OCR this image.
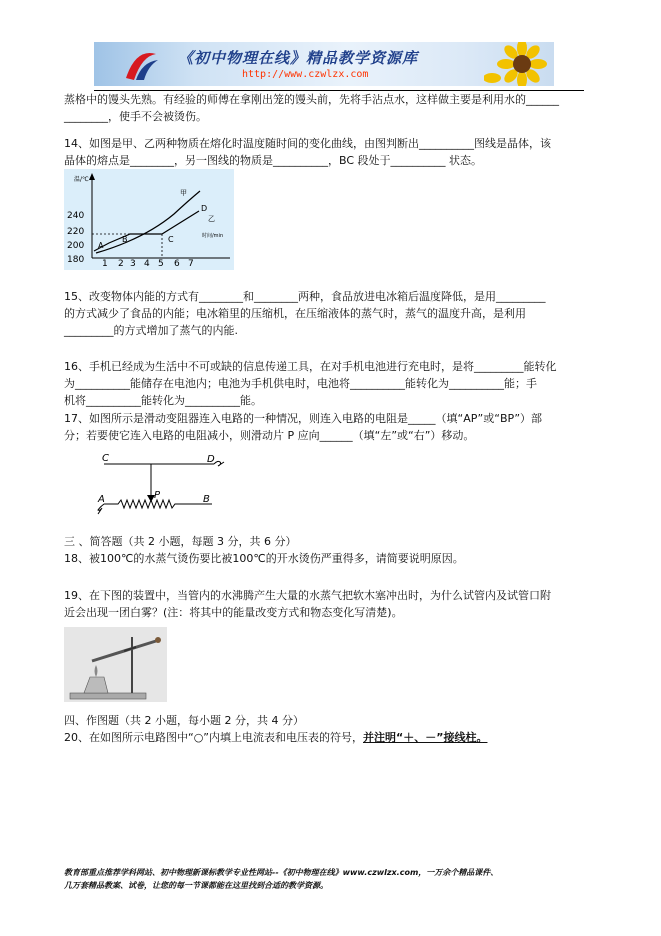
《初中物理在线》精品教学资源库
http://www.czwlzx.com
蒸格中的馒头先熟。有经验的师傅在拿刚出笼的馒头前，先将手沾点水，这样做主要是利用水的______
________，使手不会被烫伤。
14、如图是甲、乙两种物质在熔化时温度随时间的变化曲线，由图判断出__________图线是晶体，该
晶体的熔点是________，另一图线的物质是__________，BC 段处于__________ 状态。
温/℃
240
220
200
180 1 2 3 4 5 6 7
时间/min
甲
乙
A
B	C
D
15、改变物体内能的方式有________和________两种，食品放进电冰箱后温度降低，是用_________
的方式减少了食品的内能；电冰箱里的压缩机，在压缩液体的蒸气时，蒸气的温度升高，是利用
_________的方式增加了蒸气的内能.
16、手机已经成为生活中不可或缺的信息传递工具，在对手机电池进行充电时，是将_________能转化
为__________能储存在电池内；电池为手机供电时，电池将__________能转化为__________能；手
机将__________能转化为__________能。
17、如图所示是滑动变阻器连入电路的一种情况，则连入电路的电阻是_____（填“AP”或“BP”）部
分；若要使它连入电路的电阻减小，则滑动片 P 应向______（填“左”或“右”）移动。
C	D
P
A	B
三 、简答题（共 2 小题，每题 3 分，共 6 分）
18、被100℃的水蒸气烫伤要比被100℃的开水烫伤严重得多，请简要说明原因。
19、在下图的装置中，当管内的水沸腾产生大量的水蒸气把软木塞冲出时，为什么试管内及试管口附
近会出现一团白雾？(注：将其中的能量改变方式和物态变化写清楚)。
四、作图题（共 2 小题，每小题 2 分，共 4 分）
20、在如图所示电路图中“○”内填上电流表和电压表的符号，并注明“＋、－”接线柱。
教育部重点推荐学科网站、初中物理新课标教学专业性网站--《初中物理在线》www.czwlzx.com，一万余个精品课件、
几万套精品教案、试卷，让您的每一节课都能在这里找到合适的教学资源。
